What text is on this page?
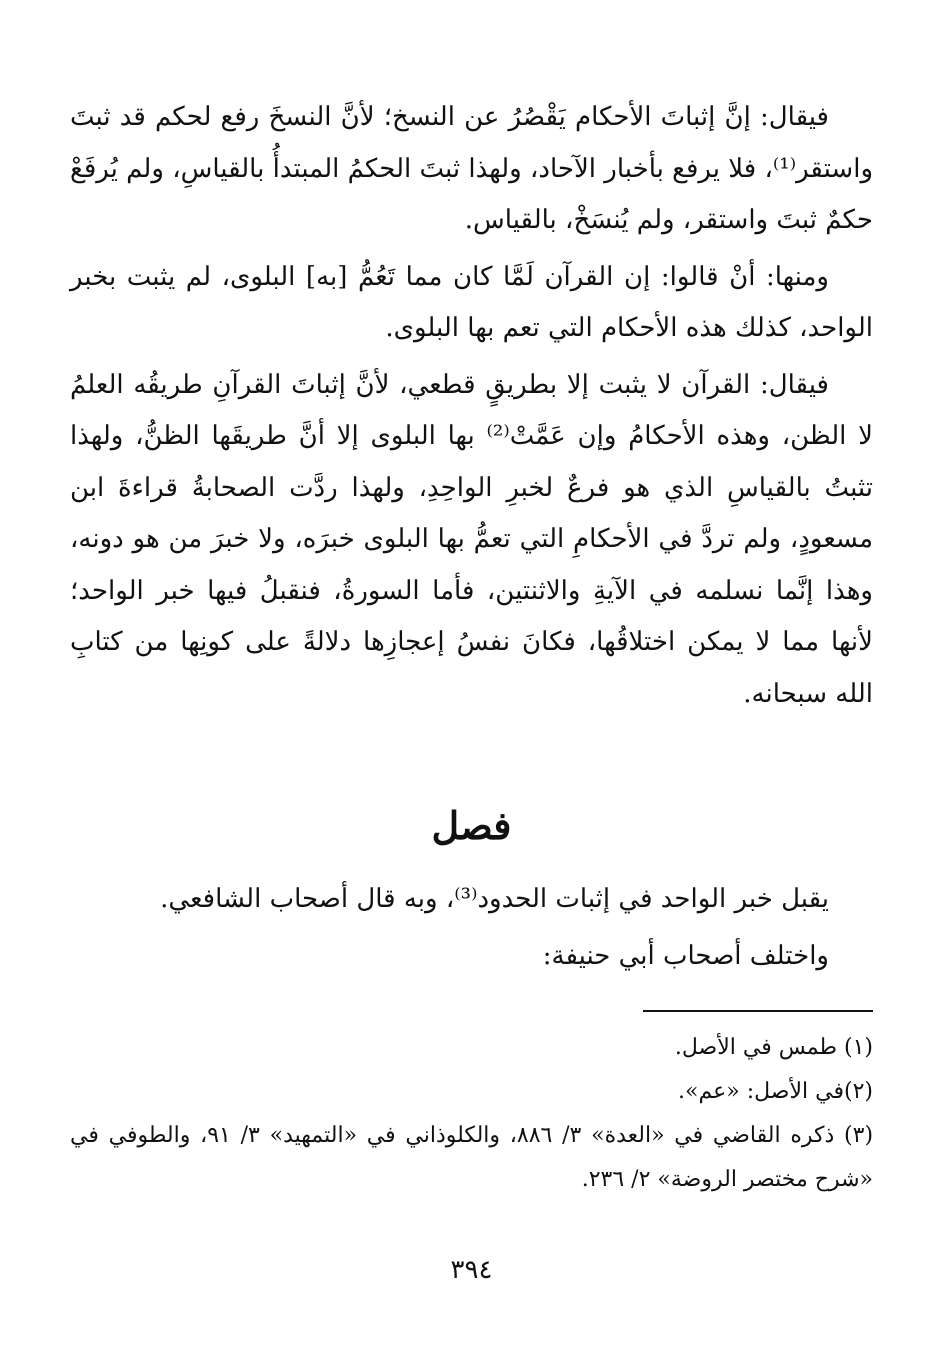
فيقال: إنَّ إثباتَ الأحكام يَقْصُرُ عن النسخ؛ لأنَّ النسخَ رفع لحكم قد ثبتَ واستقر⁽¹⁾، فلا يرفع بأخبار الآحاد، ولهذا ثبتَ الحكمُ المبتدأُ بالقياسِ، ولم يُرفَعْ حكمٌ ثبتَ واستقر، ولم يُنسَخْ، بالقياس.

ومنها: أنْ قالوا: إن القرآن لَمَّا كان مما تَعُمُّ [به] البلوى، لم يثبت بخبر الواحد، كذلك هذه الأحكام التي تعم بها البلوى.

فيقال: القرآن لا يثبت إلا بطريقٍ قطعي، لأنَّ إثباتَ القرآنِ طريقُه العلمُ لا الظن، وهذه الأحكامُ وإن عَمَّتْ⁽²⁾ بها البلوى إلا أنَّ طريقَها الظنُّ، ولهذا تثبتُ بالقياسِ الذي هو فرعٌ لخبرِ الواحِدِ، ولهذا ردَّت الصحابةُ قراءةَ ابن مسعودٍ، ولم تردَّ في الأحكامِ التي تعمُّ بها البلوى خبرَه، ولا خبرَ من هو دونه، وهذا إنَّما نسلمه في الآيةِ والاثنتين، فأما السورةُ، فنقبلُ فيها خبر الواحد؛ لأنها مما لا يمكن اختلاقُها، فكانَ نفسُ إعجازِها دلالةً على كونِها من كتابِ الله سبحانه.

فصل

يقبل خبر الواحد في إثبات الحدود⁽³⁾، وبه قال أصحاب الشافعي.

واختلف أصحاب أبي حنيفة:

(١) طمس في الأصل.
(٢)في الأصل: «عم».
(٣) ذكره القاضي في «العدة» ٣/ ٨٨٦، والكلوذاني في «التمهيد» ٣/ ٩١، والطوفي في «شرح مختصر الروضة» ٢/ ٢٣٦.
٣٩٤
